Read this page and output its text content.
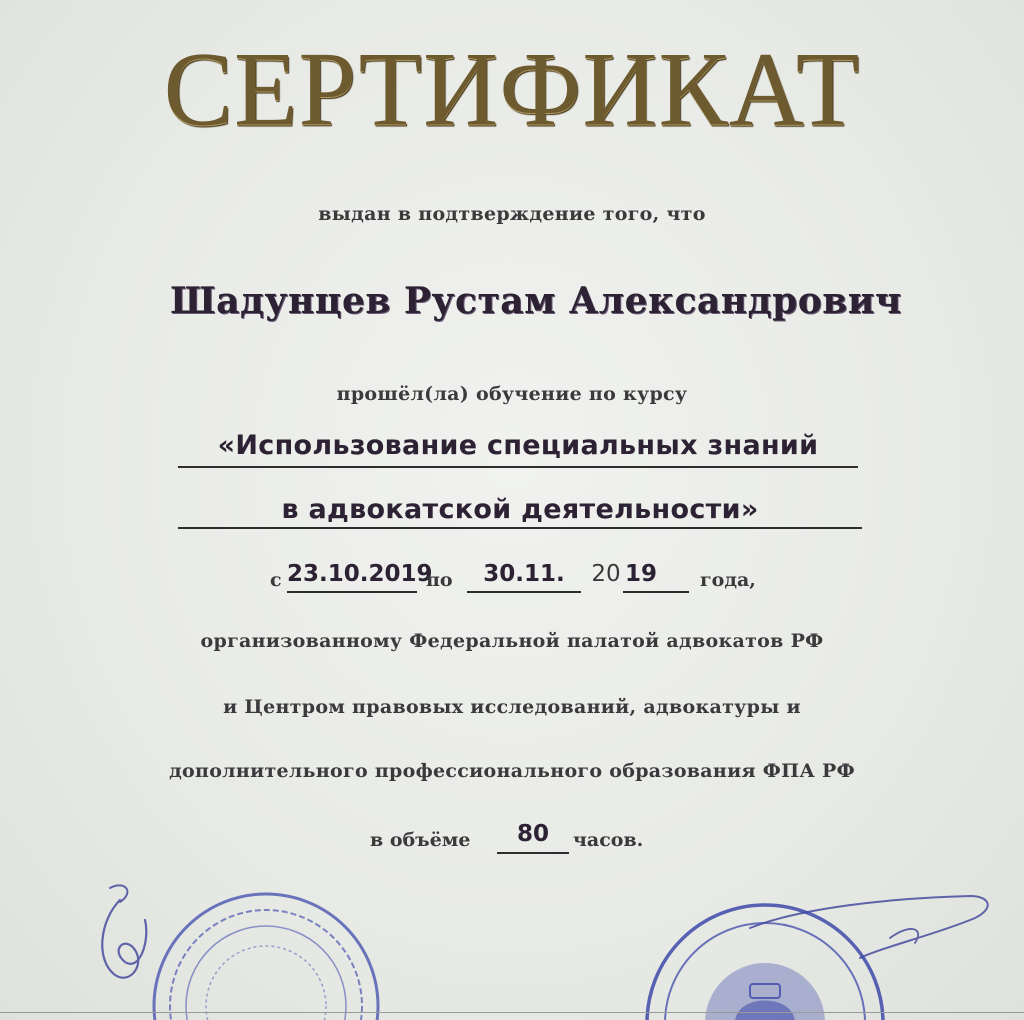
СЕРТИФИКАТ
выдан в подтверждение того, что
Шадунцев Рустам Александрович
прошёл(ла) обучение по курсу
«Использование специальных знаний
в адвокатской деятельности»
с 23.10.2019
по	30.11.	20 19 года,
организованному Федеральной палатой адвокатов РФ
и Центром правовых исследований, адвокатуры и
дополнительного профессионального образования ФПА РФ
в объёме	80	часов.
